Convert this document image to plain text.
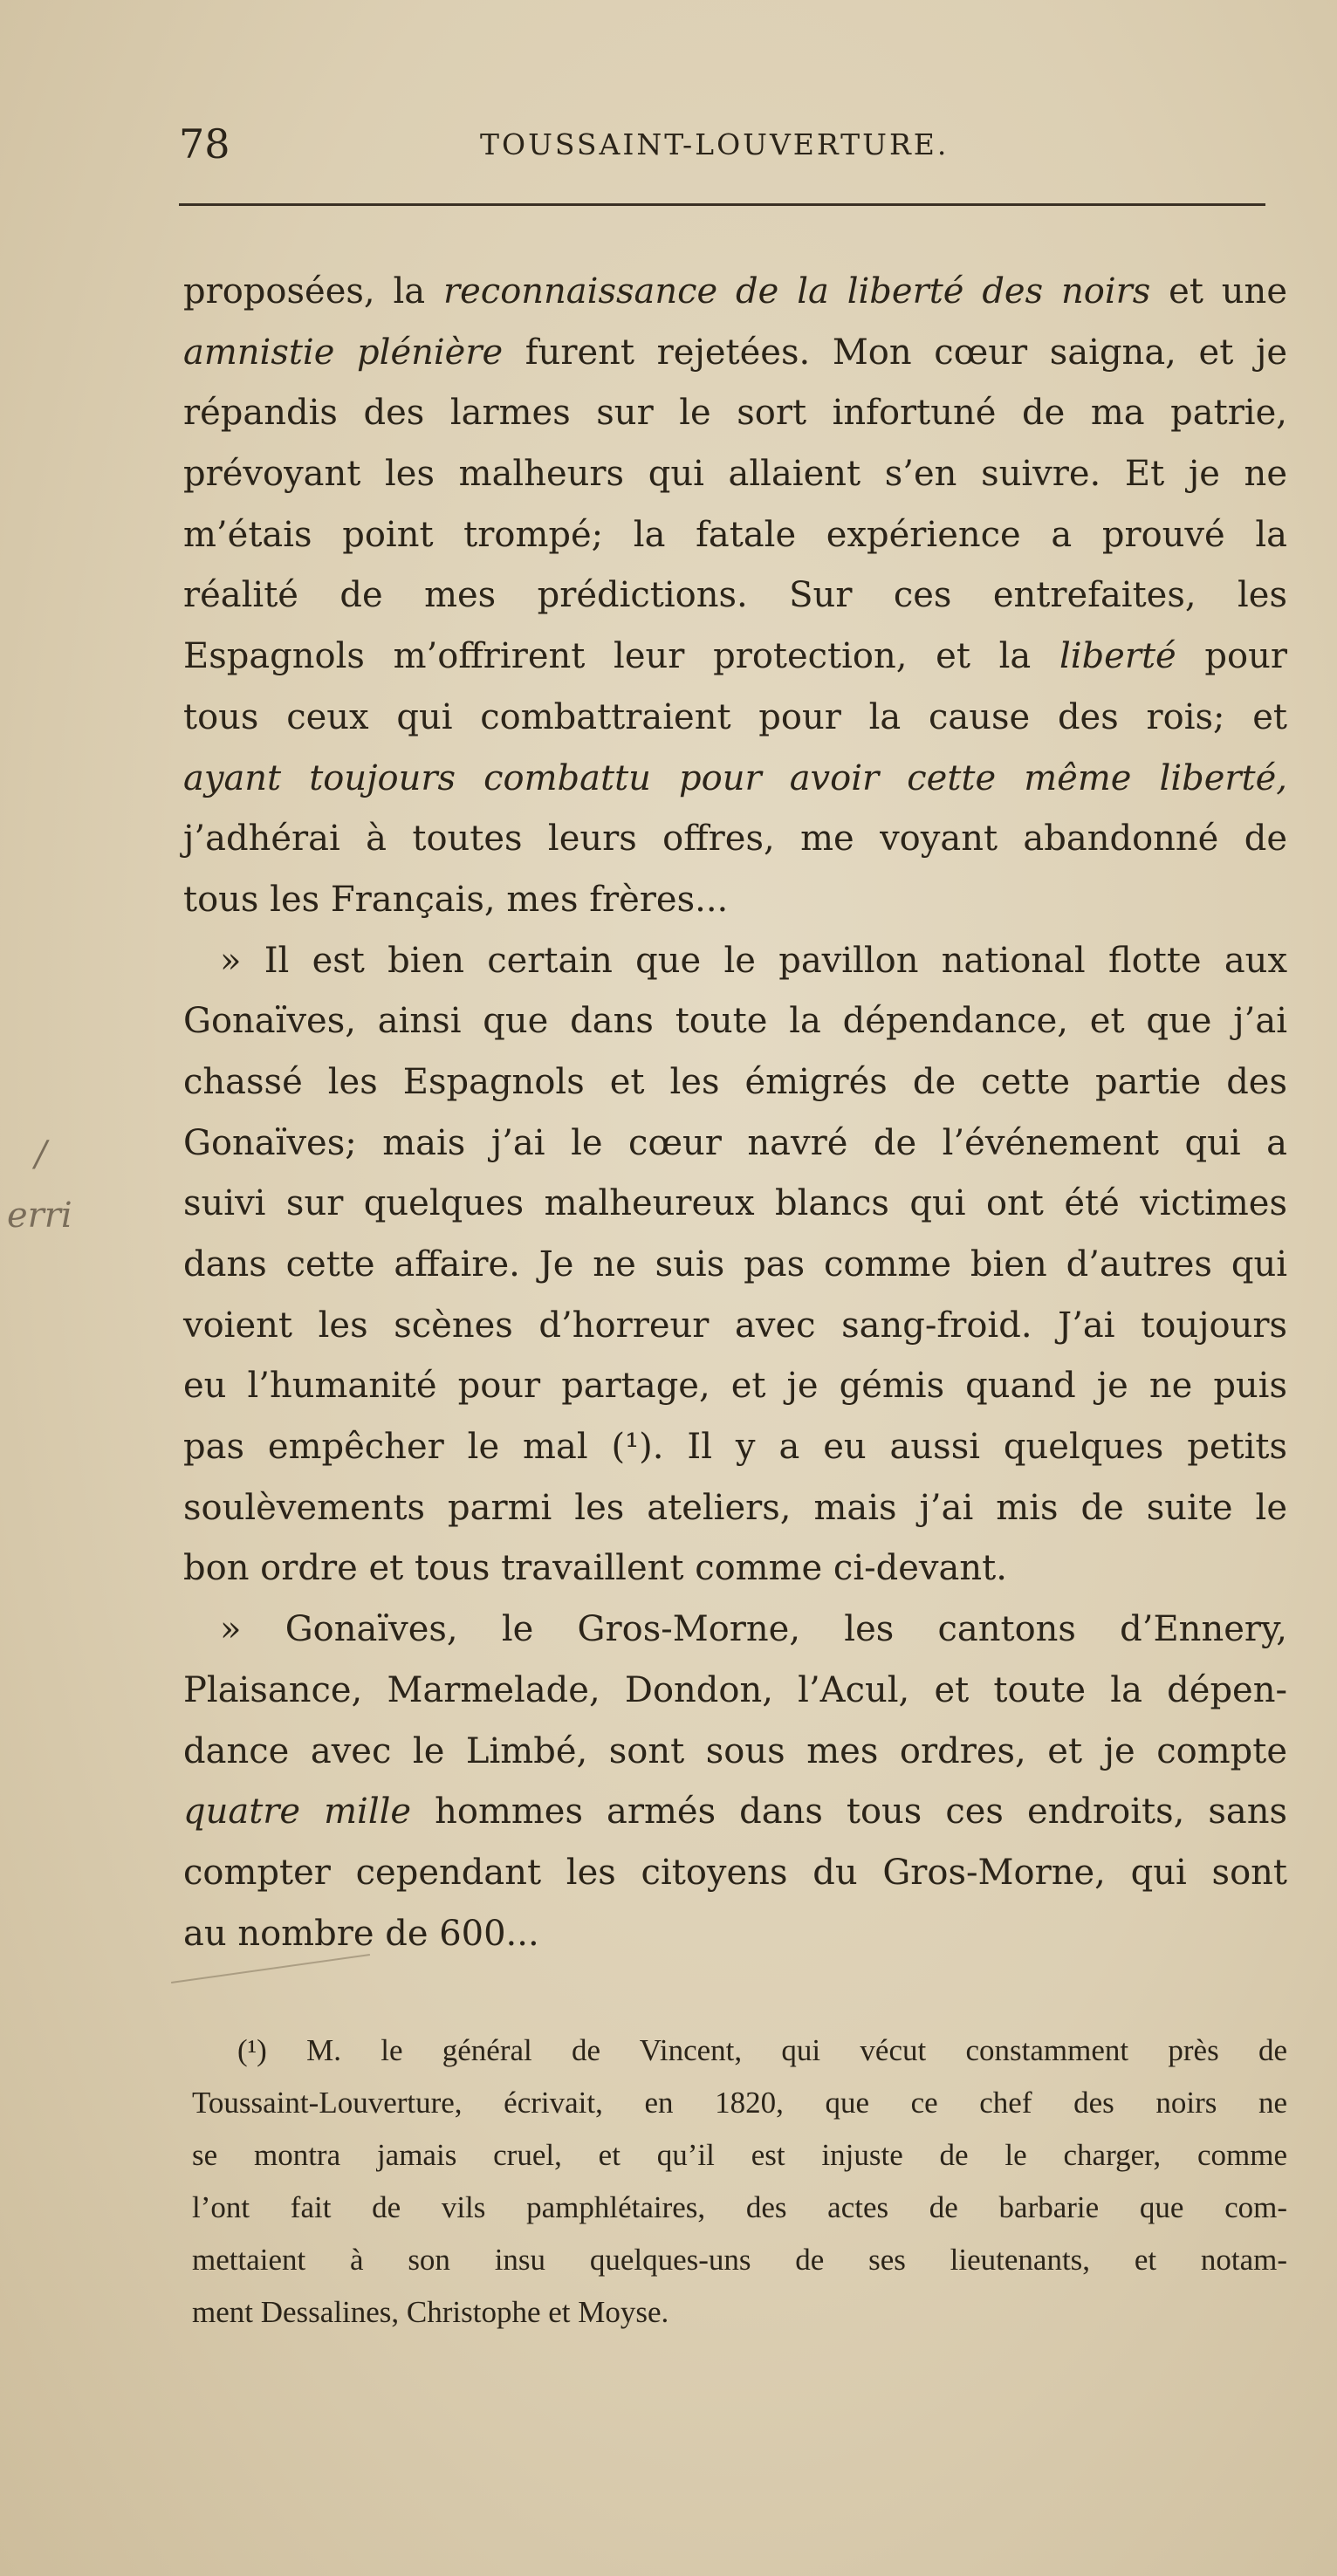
78	TOUSSAINT-LOUVERTURE.
/
erri

proposées, la reconnaissance de la liberté des noirs et une
amnistie plénière furent rejetées. Mon cœur saigna, et je
répandis des larmes sur le sort infortuné de ma patrie,
prévoyant les malheurs qui allaient s’en suivre. Et je ne
m’étais point trompé; la fatale expérience a prouvé la
réalité de mes prédictions. Sur ces entrefaites, les
Espagnols m’offrirent leur protection, et la liberté pour
tous ceux qui combattraient pour la cause des rois; et
ayant toujours combattu pour avoir cette même liberté,
j’adhérai à toutes leurs offres, me voyant abandonné de
tous les Français, mes frères...
» Il est bien certain que le pavillon national flotte aux
Gonaïves, ainsi que dans toute la dépendance, et que j’ai
chassé les Espagnols et les émigrés de cette partie des
Gonaïves; mais j’ai le cœur navré de l’événement qui a
suivi sur quelques malheureux blancs qui ont été victimes
dans cette affaire. Je ne suis pas comme bien d’autres qui
voient les scènes d’horreur avec sang-froid. J’ai toujours
eu l’humanité pour partage, et je gémis quand je ne puis
pas empêcher le mal (¹). Il y a eu aussi quelques petits
soulèvements parmi les ateliers, mais j’ai mis de suite le
bon ordre et tous travaillent comme ci-devant.
» Gonaïves, le Gros-Morne, les cantons d’Ennery,
Plaisance, Marmelade, Dondon, l’Acul, et toute la dépen-
dance avec le Limbé, sont sous mes ordres, et je compte
quatre mille hommes armés dans tous ces endroits, sans
compter cependant les citoyens du Gros-Morne, qui sont
au nombre de 600...

(¹) M. le général de Vincent, qui vécut constamment près de
Toussaint-Louverture, écrivait, en 1820, que ce chef des noirs ne
se montra jamais cruel, et qu’il est injuste de le charger, comme
l’ont fait de vils pamphlétaires, des actes de barbarie que com-
mettaient à son insu quelques-uns de ses lieutenants, et notam-
ment Dessalines, Christophe et Moyse.
